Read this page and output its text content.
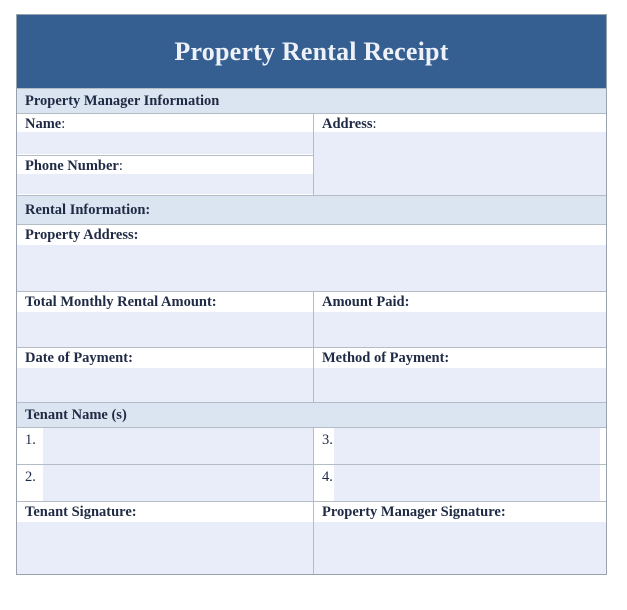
Property Rental Receipt
Property Manager Information
Name:
Phone Number:
Address:
Rental Information:
Property Address:
Total Monthly Rental Amount:	Amount Paid:
Date of Payment:	Method of Payment:
Tenant Name (s)
1.	3.
2.	4.
Tenant Signature:	Property Manager Signature:
